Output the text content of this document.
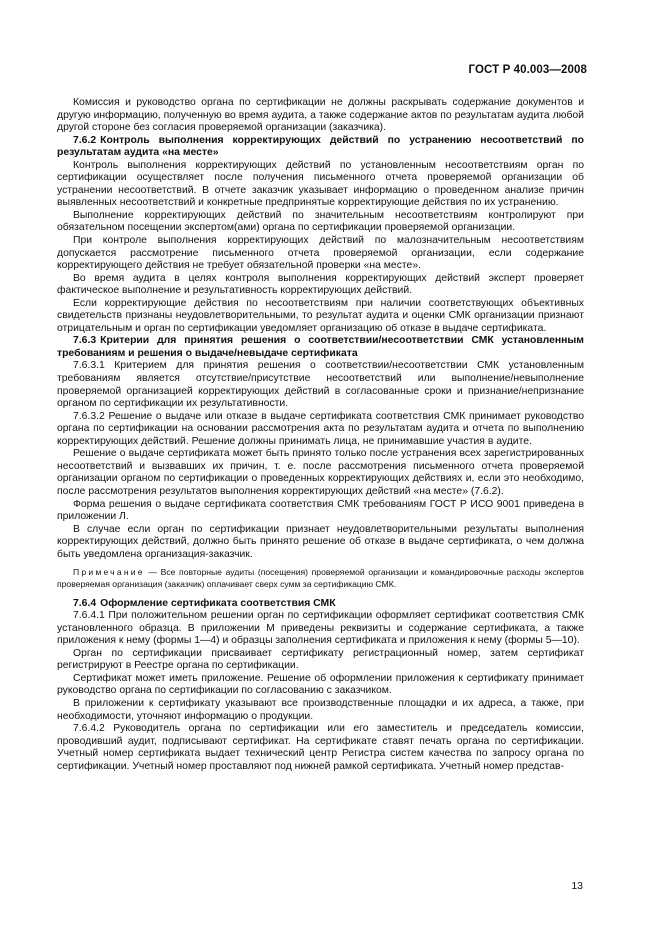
ГОСТ Р 40.003—2008

Комиссия и руководство органа по сертификации не должны раскрывать содержание документов и другую информацию, полученную во время аудита, а также содержание актов по результатам аудита любой другой стороне без согласия проверяемой организации (заказчика).

7.6.2 Контроль выполнения корректирующих действий по устранению несоответствий по результатам аудита «на месте»

Контроль выполнения корректирующих действий по установленным несоответствиям орган по сертификации осуществляет после получения письменного отчета проверяемой организации об устранении несоответствий. В отчете заказчик указывает информацию о проведенном анализе причин выявленных несоответствий и конкретные предпринятые корректирующие действия по их устранению.

Выполнение корректирующих действий по значительным несоответствиям контролируют при обязательном посещении экспертом(ами) органа по сертификации проверяемой организации.

При контроле выполнения корректирующих действий по малозначительным несоответствиям допускается рассмотрение письменного отчета проверяемой организации, если содержание корректирующего действия не требует обязательной проверки «на месте».

Во время аудита в целях контроля выполнения корректирующих действий эксперт проверяет фактическое выполнение и результативность корректирующих действий.

Если корректирующие действия по несоответствиям при наличии соответствующих объективных свидетельств признаны неудовлетворительными, то результат аудита и оценки СМК организации признают отрицательным и орган по сертификации уведомляет организацию об отказе в выдаче сертификата.

7.6.3 Критерии для принятия решения о соответствии/несоответствии СМК установленным требованиям и решения о выдаче/невыдаче сертификата

7.6.3.1 Критерием для принятия решения о соответствии/несоответствии СМК установленным требованиям является отсутствие/присутствие несоответствий или выполнение/невыполнение проверяемой организацией корректирующих действий в согласованные сроки и признание/непризнание органом по сертификации их результативности.

7.6.3.2 Решение о выдаче или отказе в выдаче сертификата соответствия СМК принимает руководство органа по сертификации на основании рассмотрения акта по результатам аудита и отчета по выполнению корректирующих действий. Решение должны принимать лица, не принимавшие участия в аудите.

Решение о выдаче сертификата может быть принято только после устранения всех зарегистрированных несоответствий и вызвавших их причин, т. е. после рассмотрения письменного отчета проверяемой организации органом по сертификации о проведенных корректирующих действиях и, если это необходимо, после рассмотрения результатов выполнения корректирующих действий «на месте» (7.6.2).

Форма решения о выдаче сертификата соответствия СМК требованиям ГОСТ Р ИСО 9001 приведена в приложении Л.

В случае если орган по сертификации признает неудовлетворительными результаты выполнения корректирующих действий, должно быть принято решение об отказе в выдаче сертификата, о чем должна быть уведомлена организация-заказчик.

Примечание — Все повторные аудиты (посещения) проверяемой организации и командировочные расходы экспертов проверяемая организация (заказчик) оплачивает сверх сумм за сертификацию СМК.

7.6.4 Оформление сертификата соответствия СМК

7.6.4.1 При положительном решении орган по сертификации оформляет сертификат соответствия СМК установленного образца. В приложении М приведены реквизиты и содержание сертификата, а также приложения к нему (формы 1—4) и образцы заполнения сертификата и приложения к нему (формы 5—10).

Орган по сертификации присваивает сертификату регистрационный номер, затем сертификат регистрируют в Реестре органа по сертификации.

Сертификат может иметь приложение. Решение об оформлении приложения к сертификату принимает руководство органа по сертификации по согласованию с заказчиком.

В приложении к сертификату указывают все производственные площадки и их адреса, а также, при необходимости, уточняют информацию о продукции.

7.6.4.2 Руководитель органа по сертификации или его заместитель и председатель комиссии, проводивший аудит, подписывают сертификат. На сертификате ставят печать органа по сертификации. Учетный номер сертификата выдает технический центр Регистра систем качества по запросу органа по сертификации. Учетный номер проставляют под нижней рамкой сертификата. Учетный номер представ-

13
